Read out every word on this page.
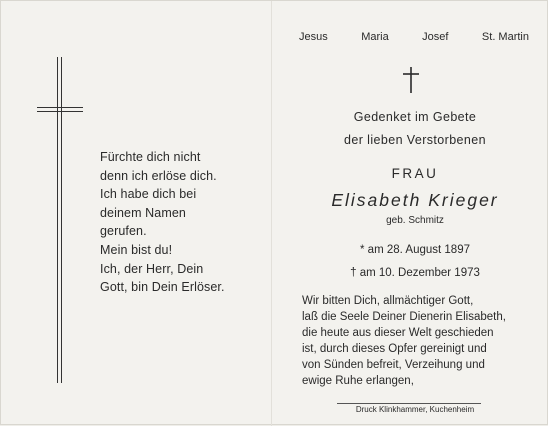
Fürchte dich nicht
denn ich erlöse dich.
Ich habe dich bei
deinem Namen
gerufen.
Mein bist du!
Ich, der Herr, Dein
Gott, bin Dein Erlöser.
Jesus	Maria	Josef	St. Martin
Gedenket im Gebete
der lieben Verstorbenen
FRAU
Elisabeth Krieger
geb. Schmitz
* am 28. August 1897
† am 10. Dezember 1973
Wir bitten Dich, allmächtiger Gott,
laß die Seele Deiner Dienerin Elisabeth,
die heute aus dieser Welt geschieden
ist, durch dieses Opfer gereinigt und
von Sünden befreit, Verzeihung und
ewige Ruhe erlangen,
Druck Klinkhammer, Kuchenheim
